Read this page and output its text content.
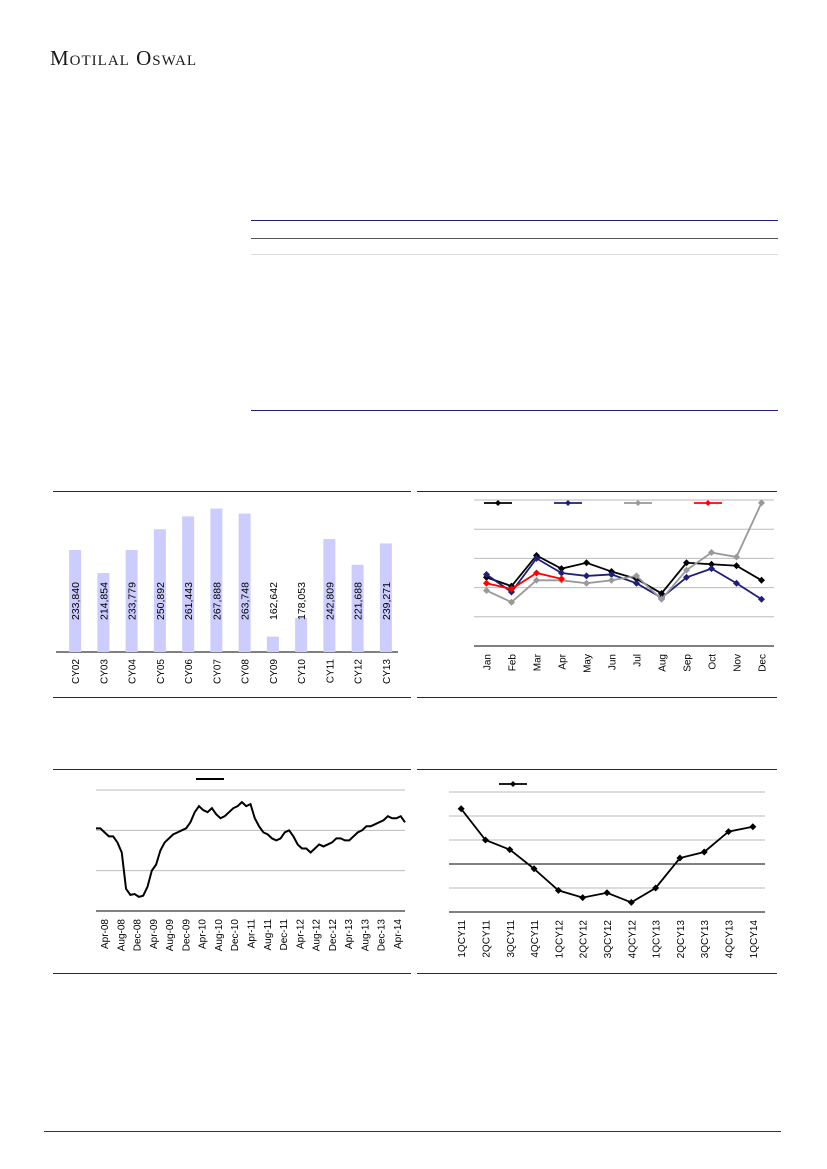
Motilal Oswal
233,840
CY02
214,854
CY03
233,779
CY04
250,892
CY05
261,443
CY06
267,888
CY07
263,748
CY08
162,642
CY09
178,053
CY10
242,809
CY11
221,688
CY12
239,271
CY13	Jan Feb Mar Apr May Jun Jul Aug Sep Oct Nov Dec
Apr-08 Aug-08 Dec-08 Apr-09 Aug-09 Dec-09 Apr-10 Aug-10 Dec-10 Apr-11 Aug-11 Dec-11 Apr-12 Aug-12 Dec-12 Apr-13 Aug-13 Dec-13 Apr-14	1QCY11 2QCY11 3QCY11 4QCY11 1QCY12 2QCY12 3QCY12 4QCY12 1QCY13 2QCY13 3QCY13 4QCY13 1QCY14
